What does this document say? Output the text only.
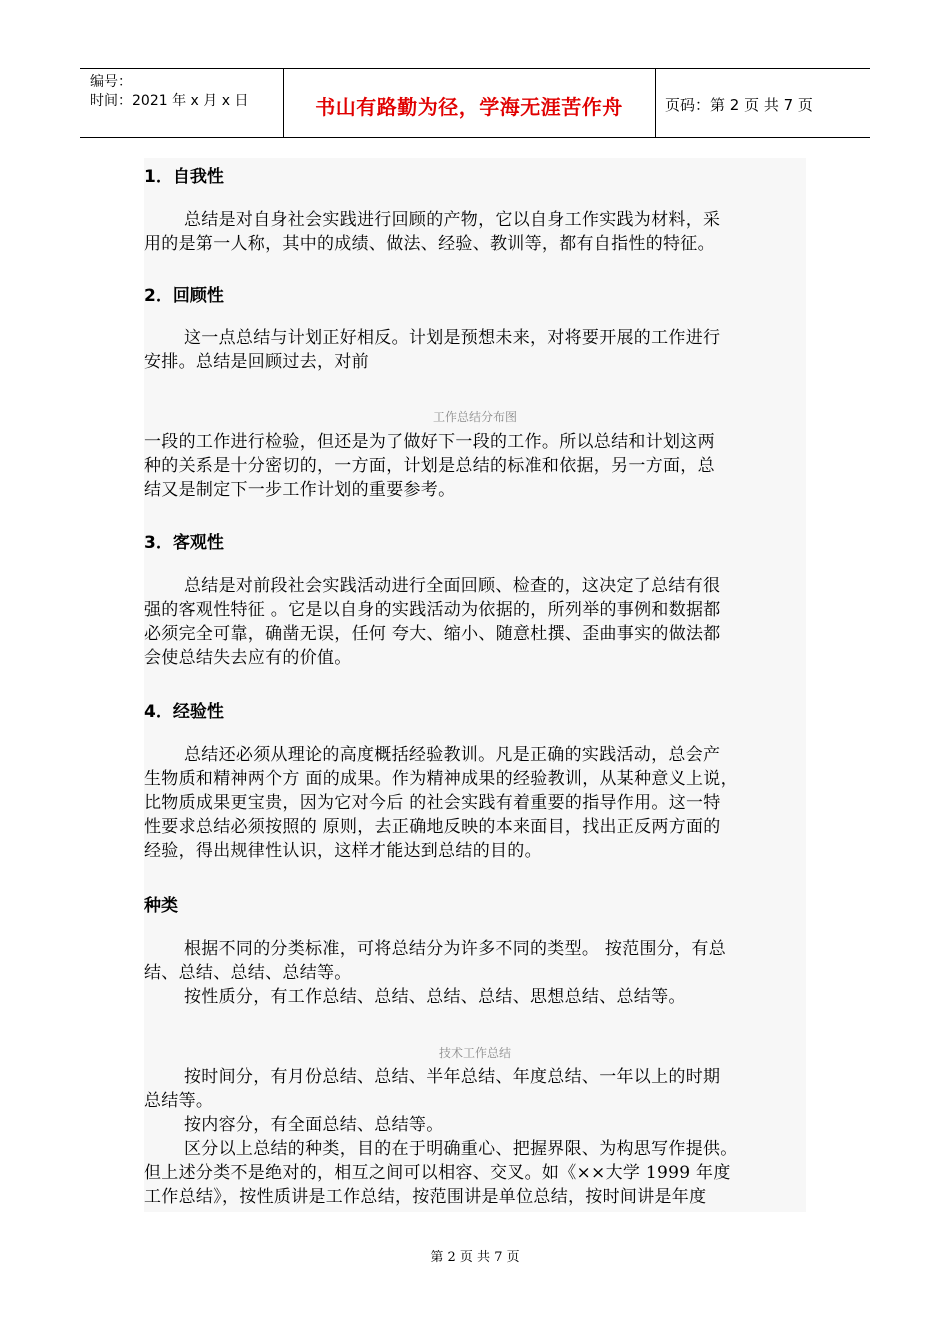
编号：
时间：2021 年 x 月 x 日	书山有路勤为径，学海无涯苦作舟	页码：第 2 页 共 7 页
1．自我性
总结是对自身社会实践进行回顾的产物，它以自身工作实践为材料，采
用的是第一人称，其中的成绩、做法、经验、教训等，都有自指性的特征。
2．回顾性
这一点总结与计划正好相反。计划是预想未来，对将要开展的工作进行
安排。总结是回顾过去，对前
工作总结分布图
一段的工作进行检验，但还是为了做好下一段的工作。所以总结和计划这两
种的关系是十分密切的，一方面，计划是总结的标准和依据，另一方面，总
结又是制定下一步工作计划的重要参考。
3．客观性
总结是对前段社会实践活动进行全面回顾、检查的，这决定了总结有很
强的客观性特征 。它是以自身的实践活动为依据的，所列举的事例和数据都
必须完全可靠，确凿无误，任何 夸大、缩小、随意杜撰、歪曲事实的做法都
会使总结失去应有的价值。
4．经验性
总结还必须从理论的高度概括经验教训。凡是正确的实践活动，总会产
生物质和精神两个方 面的成果。作为精神成果的经验教训，从某种意义上说，
比物质成果更宝贵，因为它对今后 的社会实践有着重要的指导作用。这一特
性要求总结必须按照的 原则，去正确地反映的本来面目，找出正反两方面的
经验，得出规律性认识，这样才能达到总结的目的。
种类
根据不同的分类标准，可将总结分为许多不同的类型。 按范围分，有总
结、总结、总结、总结等。
按性质分，有工作总结、总结、总结、总结、思想总结、总结等。
技术工作总结
按时间分，有月份总结、总结、半年总结、年度总结、一年以上的时期
总结等。
按内容分，有全面总结、总结等。
区分以上总结的种类，目的在于明确重心、把握界限、为构思写作提供。
但上述分类不是绝对的，相互之间可以相容、交叉。如《××大学 1999 年度
工作总结》，按性质讲是工作总结，按范围讲是单位总结，按时间讲是年度
第 2 页 共 7 页
